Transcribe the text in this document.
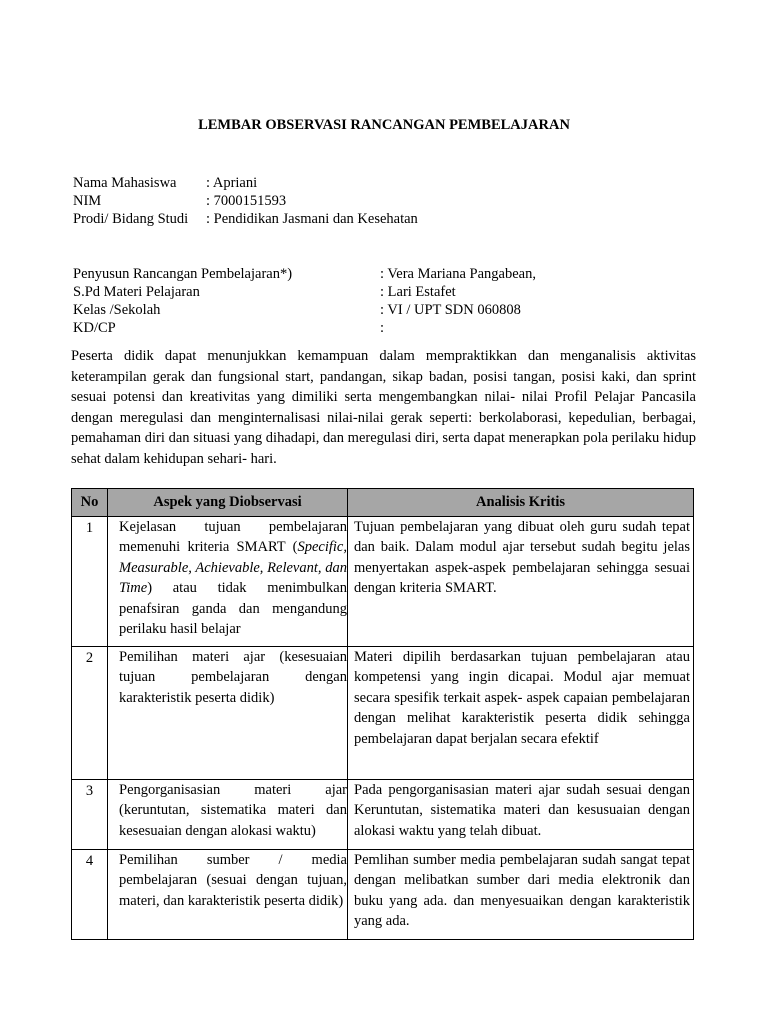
LEMBAR OBSERVASI RANCANGAN PEMBELAJARAN
Nama Mahasiswa	: Apriani
NIM	: 7000151593
Prodi/ Bidang Studi	: Pendidikan Jasmani dan Kesehatan
Penyusun Rancangan Pembelajaran*)	: Vera Mariana Pangabean,
S.Pd Materi Pelajaran	: Lari Estafet
Kelas /Sekolah	: VI / UPT SDN 060808
KD/CP	:
Peserta didik dapat menunjukkan kemampuan dalam mempraktikkan dan menganalisis aktivitas keterampilan gerak dan fungsional start, pandangan, sikap badan, posisi tangan, posisi kaki, dan sprint sesuai potensi dan kreativitas yang dimiliki serta mengembangkan nilai- nilai Profil Pelajar Pancasila dengan meregulasi dan menginternalisasi nilai-nilai gerak seperti: berkolaborasi, kepedulian, berbagai, pemahaman diri dan situasi yang dihadapi, dan meregulasi diri, serta dapat menerapkan pola perilaku hidup sehat dalam kehidupan sehari- hari.
No	Aspek yang Diobservasi	Analisis Kritis
1	Kejelasan tujuan pembelajaran memenuhi kriteria SMART (Specific, Measurable, Achievable, Relevant, dan Time) atau tidak menimbulkan penafsiran ganda dan mengandung perilaku hasil belajar	Tujuan pembelajaran yang dibuat oleh guru sudah tepat dan baik. Dalam modul ajar tersebut sudah begitu jelas menyertakan aspek-aspek pembelajaran sehingga sesuai dengan kriteria SMART.
2	Pemilihan materi ajar (kesesuaian tujuan pembelajaran dengan karakteristik peserta didik)	Materi dipilih berdasarkan tujuan pembelajaran atau kompetensi yang ingin dicapai. Modul ajar memuat secara spesifik terkait aspek- aspek capaian pembelajaran dengan melihat karakteristik peserta didik sehingga pembelajaran dapat berjalan secara efektif
3	Pengorganisasian materi ajar (keruntutan, sistematika materi dan kesesuaian dengan alokasi waktu)	Pada pengorganisasian materi ajar sudah sesuai dengan Keruntutan, sistematika materi dan kesusuaian dengan alokasi waktu yang telah dibuat.
4	Pemilihan sumber / media pembelajaran (sesuai dengan tujuan, materi, dan karakteristik peserta didik)	Pemlihan sumber media pembelajaran sudah sangat tepat dengan melibatkan sumber dari media elektronik dan buku yang ada. dan menyesuaikan dengan karakteristik yang ada.
